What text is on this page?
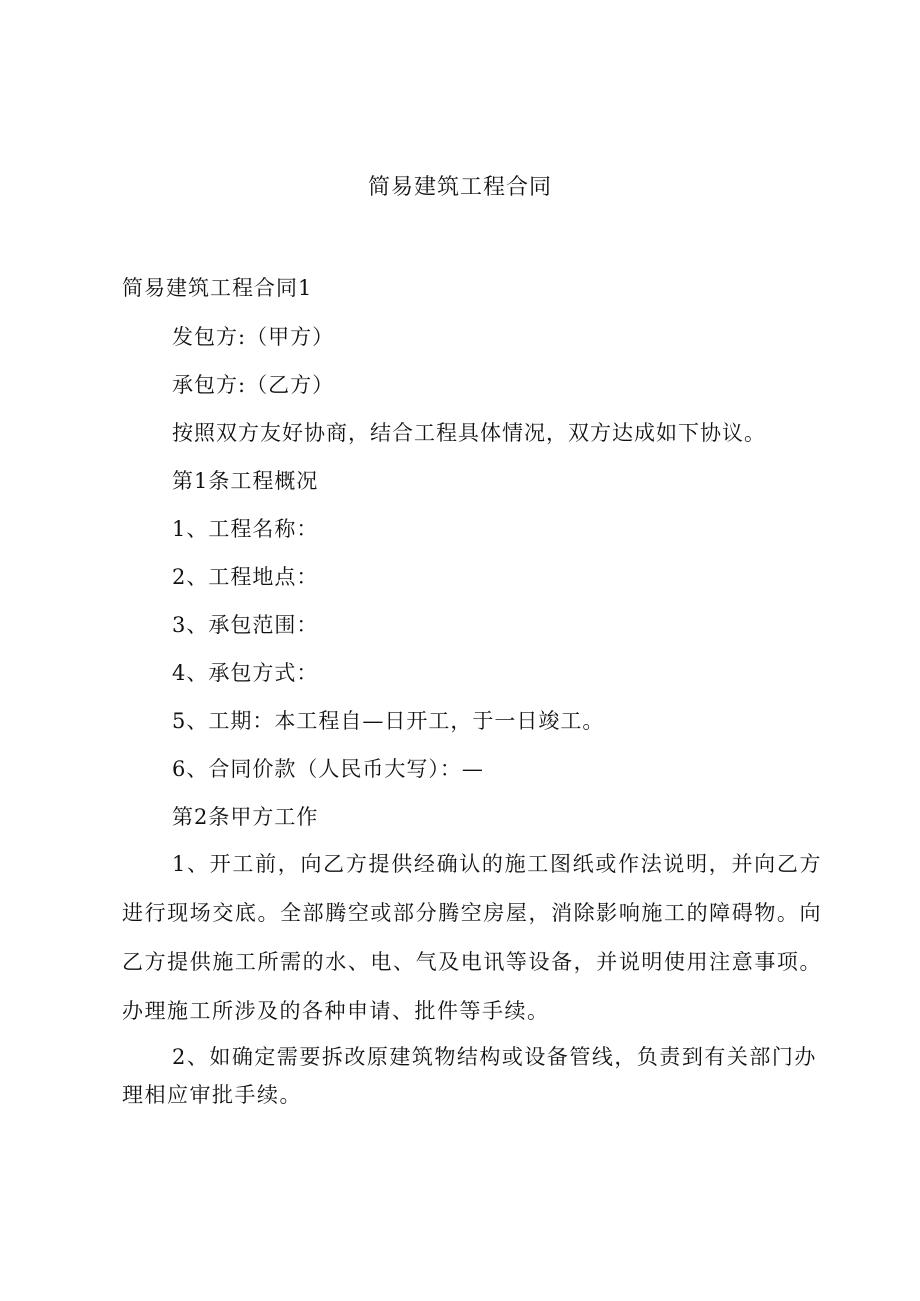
简易建筑工程合同
简易建筑工程合同1
发包方:（甲方）
承包方:（乙方）
按照双方友好协商，结合工程具体情况，双方达成如下协议。
第1条工程概况
1、工程名称：
2、工程地点：
3、承包范围：
4、承包方式：
5、工期：本工程自—日开工，于一日竣工。
6、合同价款（人民币大写）：—
第2条甲方工作
1、开工前，向乙方提供经确认的施工图纸或作法说明，并向乙方进行现场交底。全部腾空或部分腾空房屋，消除影响施工的障碍物。向乙方提供施工所需的水、电、气及电讯等设备，并说明使用注意事项。办理施工所涉及的各种申请、批件等手续。
2、如确定需要拆改原建筑物结构或设备管线，负责到有关部门办理相应审批手续。
